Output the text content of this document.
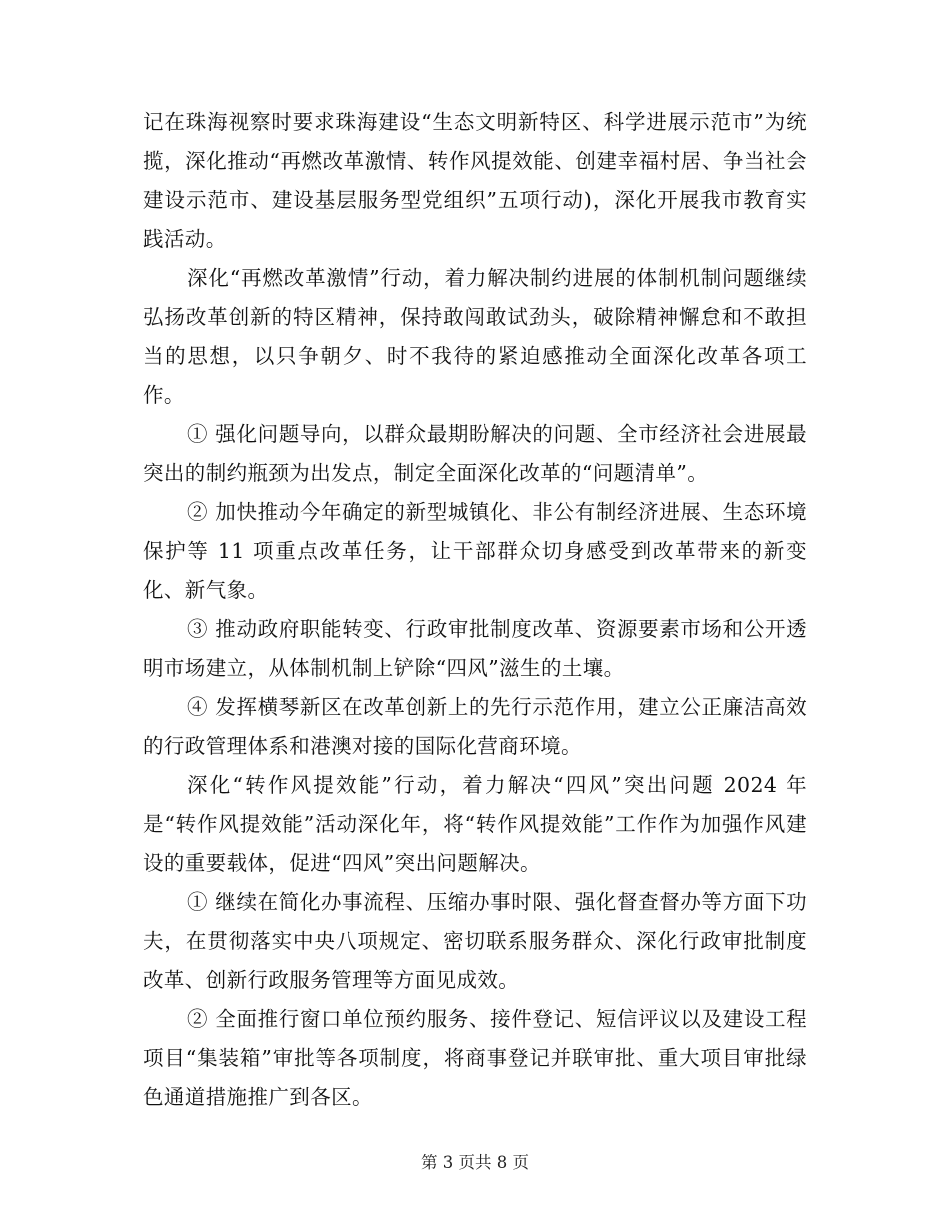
记在珠海视察时要求珠海建设“生态文明新特区、科学进展示范市”为统揽，深化推动“再燃改革激情、转作风提效能、创建幸福村居、争当社会建设示范市、建设基层服务型党组织”五项行动)，深化开展我市教育实践活动。

深化“再燃改革激情”行动，着力解决制约进展的体制机制问题继续弘扬改革创新的特区精神，保持敢闯敢试劲头，破除精神懈怠和不敢担当的思想，以只争朝夕、时不我待的紧迫感推动全面深化改革各项工作。

① 强化问题导向，以群众最期盼解决的问题、全市经济社会进展最突出的制约瓶颈为出发点，制定全面深化改革的“问题清单”。

② 加快推动今年确定的新型城镇化、非公有制经济进展、生态环境保护等 11 项重点改革任务，让干部群众切身感受到改革带来的新变化、新气象。

③ 推动政府职能转变、行政审批制度改革、资源要素市场和公开透明市场建立，从体制机制上铲除“四风”滋生的土壤。

④ 发挥横琴新区在改革创新上的先行示范作用，建立公正廉洁高效的行政管理体系和港澳对接的国际化营商环境。

深化“转作风提效能”行动，着力解决“四风”突出问题 2024 年是“转作风提效能”活动深化年，将“转作风提效能”工作作为加强作风建设的重要载体，促进“四风”突出问题解决。

① 继续在简化办事流程、压缩办事时限、强化督查督办等方面下功夫，在贯彻落实中央八项规定、密切联系服务群众、深化行政审批制度改革、创新行政服务管理等方面见成效。

② 全面推行窗口单位预约服务、接件登记、短信评议以及建设工程项目“集装箱”审批等各项制度，将商事登记并联审批、重大项目审批绿色通道措施推广到各区。

第 3 页共 8 页
